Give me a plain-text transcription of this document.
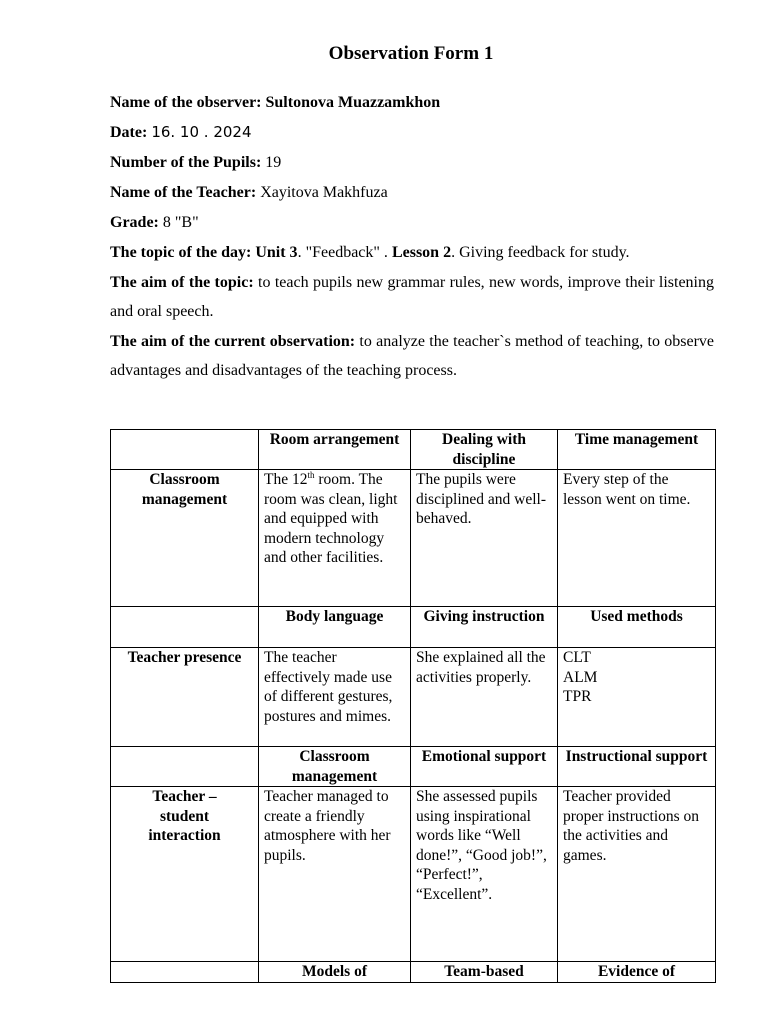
Observation Form 1
Name of the observer: Sultonova Muazzamkhon
Date: 16. 10 . 2024
Number of the Pupils: 19
Name of the Teacher: Xayitova Makhfuza
Grade: 8 "B"
The topic of the day: Unit 3. "Feedback" . Lesson 2. Giving feedback for study.
The aim of the topic: to teach pupils new grammar rules, new words, improve their listening and oral speech.
The aim of the current observation: to analyze the teacher`s method of teaching, to observe advantages and disadvantages of the teaching process.
	Room arrangement	Dealing with discipline	Time management
Classroom management	The 12th room. The room was clean, light and equipped with modern technology and other facilities.	The pupils were disciplined and well-behaved.	Every step of the lesson went on time.
	Body language	Giving instruction	Used methods
Teacher presence	The teacher effectively made use of different gestures, postures and mimes.	She explained all the activities properly.	CLT
ALM
TPR

	Classroom management	Emotional support	Instructional support

Teacher –
student
interaction	Teacher managed to create a friendly atmosphere with her pupils.	She assessed pupils using inspirational words like “Well done!”, “Good job!”, “Perfect!”, “Excellent”.	Teacher provided proper instructions on the activities and games.
	Models of	Team-based	Evidence of
